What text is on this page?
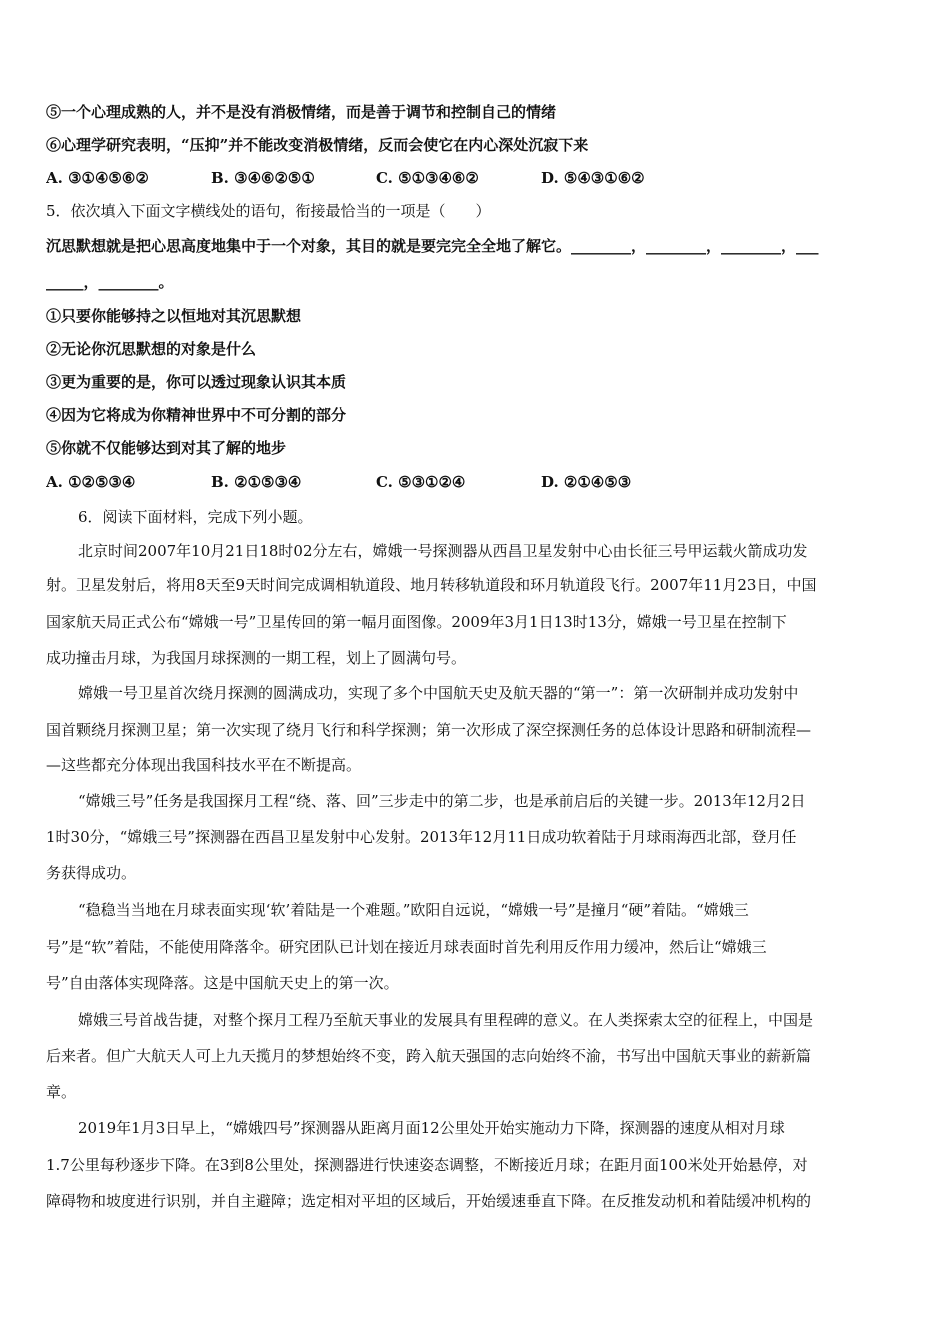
⑤一个心理成熟的人，并不是没有消极情绪，而是善于调节和控制自己的情绪
⑥心理学研究表明，“压抑”并不能改变消极情绪，反而会使它在内心深处沉寂下来
A. ③①④⑤⑥②	B. ③④⑥②⑤①	C. ⑤①③④⑥②	D. ⑤④③①⑥②
5．依次填入下面文字横线处的语句，衔接最恰当的一项是（　　）
沉思默想就是把心思高度地集中于一个对象，其目的就是要完完全全地了解它。________，________，________，___
_____，________。
①只要你能够持之以恒地对其沉思默想
②无论你沉思默想的对象是什么
③更为重要的是，你可以透过现象认识其本质
④因为它将成为你精神世界中不可分割的部分
⑤你就不仅能够达到对其了解的地步
A. ①②⑤③④	B. ②①⑤③④	C. ⑤③①②④	D. ②①④⑤③
6．阅读下面材料，完成下列小题。
北京时间2007年10月21日18时02分左右，嫦娥一号探测器从西昌卫星发射中心由长征三号甲运载火箭成功发
射。卫星发射后，将用8天至9天时间完成调相轨道段、地月转移轨道段和环月轨道段飞行。2007年11月23日，中国
国家航天局正式公布“嫦娥一号”卫星传回的第一幅月面图像。2009年3月1日13时13分，嫦娥一号卫星在控制下
成功撞击月球，为我国月球探测的一期工程，划上了圆满句号。
嫦娥一号卫星首次绕月探测的圆满成功，实现了多个中国航天史及航天器的“第一”：第一次研制并成功发射中
国首颗绕月探测卫星；第一次实现了绕月飞行和科学探测；第一次形成了深空探测任务的总体设计思路和研制流程—
—这些都充分体现出我国科技水平在不断提高。
“嫦娥三号”任务是我国探月工程“绕、落、回”三步走中的第二步，也是承前启后的关键一步。2013年12月2日
1时30分，“嫦娥三号”探测器在西昌卫星发射中心发射。2013年12月11日成功软着陆于月球雨海西北部，登月任
务获得成功。
“稳稳当当地在月球表面实现‘软’着陆是一个难题。”欧阳自远说，“嫦娥一号”是撞月“硬”着陆。“嫦娥三
号”是“软”着陆，不能使用降落伞。研究团队已计划在接近月球表面时首先利用反作用力缓冲，然后让“嫦娥三
号”自由落体实现降落。这是中国航天史上的第一次。
嫦娥三号首战告捷，对整个探月工程乃至航天事业的发展具有里程碑的意义。在人类探索太空的征程上，中国是
后来者。但广大航天人可上九天揽月的梦想始终不变，跨入航天强国的志向始终不渝，书写出中国航天事业的薪新篇
章。
2019年1月3日早上，“嫦娥四号”探测器从距离月面12公里处开始实施动力下降，探测器的速度从相对月球
1.7公里每秒逐步下降。在3到8公里处，探测器进行快速姿态调整，不断接近月球；在距月面100米处开始悬停，对
障碍物和坡度进行识别，并自主避障；选定相对平坦的区域后，开始缓速垂直下降。在反推发动机和着陆缓冲机构的
